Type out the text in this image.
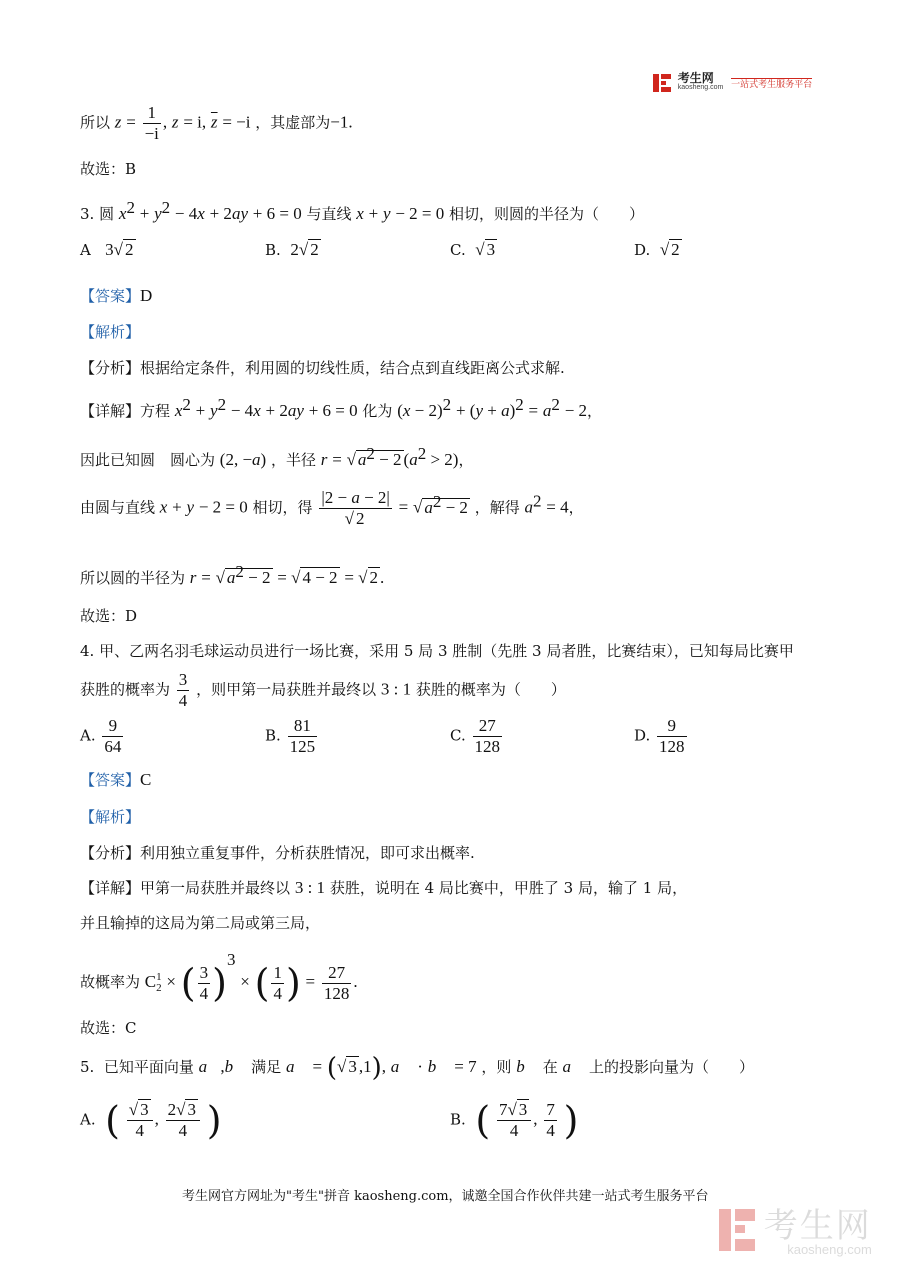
考生网
kaosheng.com 一站式考生服务平台
所以 $z = \frac{1}{-i}$ , z = i, $\overline{z} = -i$ ，其虚部为−1.
故选：B
3. 圆 $x^2 + y^2 - 4x + 2ay + 6 = 0$ 与直线 x + y − 2 = 0 相切，则圆的半径为（　　）
A 3√ 2	B. 2√ 2	C. √ 3	D. √ 2
【答案】D
【解析】
【分析】根据给定条件，利用圆的切线性质，结合点到直线距离公式求解.
【详解】方程 $x^2 + y^2 - 4x + 2ay + 6 = 0$ 化为 $(x - 2)^2 + (y + a)^2 = a^2 - 2$，
因此已知圆　圆心为 (2, −a) ，半径 r = √ $a^2 - 2$ $(a^2 > 2)$，
由圆与直线 x + y − 2 = 0 相切，得 $\frac{|2 - a - 2|}{√ 2}$ = √ $a^2 - 2$ ，解得 $a^2 = 4$，
所以圆的半径为 r = √ $a^2 - 2$ = √ 4 − 2 = √ 2 .
故选：D
4. 甲、乙两名羽毛球运动员进行一场比赛，采用 5 局 3 胜制（先胜 3 局者胜，比赛结束），已知每局比赛甲
获胜的概率为 $\frac{3}{4}$ ，则甲第一局获胜并最终以 3 : 1 获胜的概率为（　　）
A. $\frac{9}{64}$	B. $\frac{81}{125}$	C. $\frac{27}{128}$	D. $\frac{9}{128}$
【答案】C
【解析】
【分析】利用独立重复事件，分析获胜情况，即可求出概率.
【详解】甲第一局获胜并最终以 3 : 1 获胜，说明在 4 局比赛中，甲胜了 3 局，输了 1 局，
并且输掉的这局为第二局或第三局，
故概率为 C 1
2 × ( $\frac{3}{4} )^3$ × ( $\frac{1}{4}$ ) = $\frac{27}{128}$ .
故选：C
5. 已知平面向量 a⃗,b⃗ 满足 a⃗ = (√ 3 ,1), a⃗ · b⃗ = 7 ，则 b⃗ 在 a⃗ 上的投影向量为（　　）
A. ( $\frac{√ 3}{4}$ , $\frac{2√ 3}{4}$ )	B. ( $\frac{7√ 3}{4}$ , $\frac{7}{4}$ )
考生网官方网址为"考生"拼音 kaosheng.com，诚邀全国合作伙伴共建一站式考生服务平台

考生网
kaosheng.com
